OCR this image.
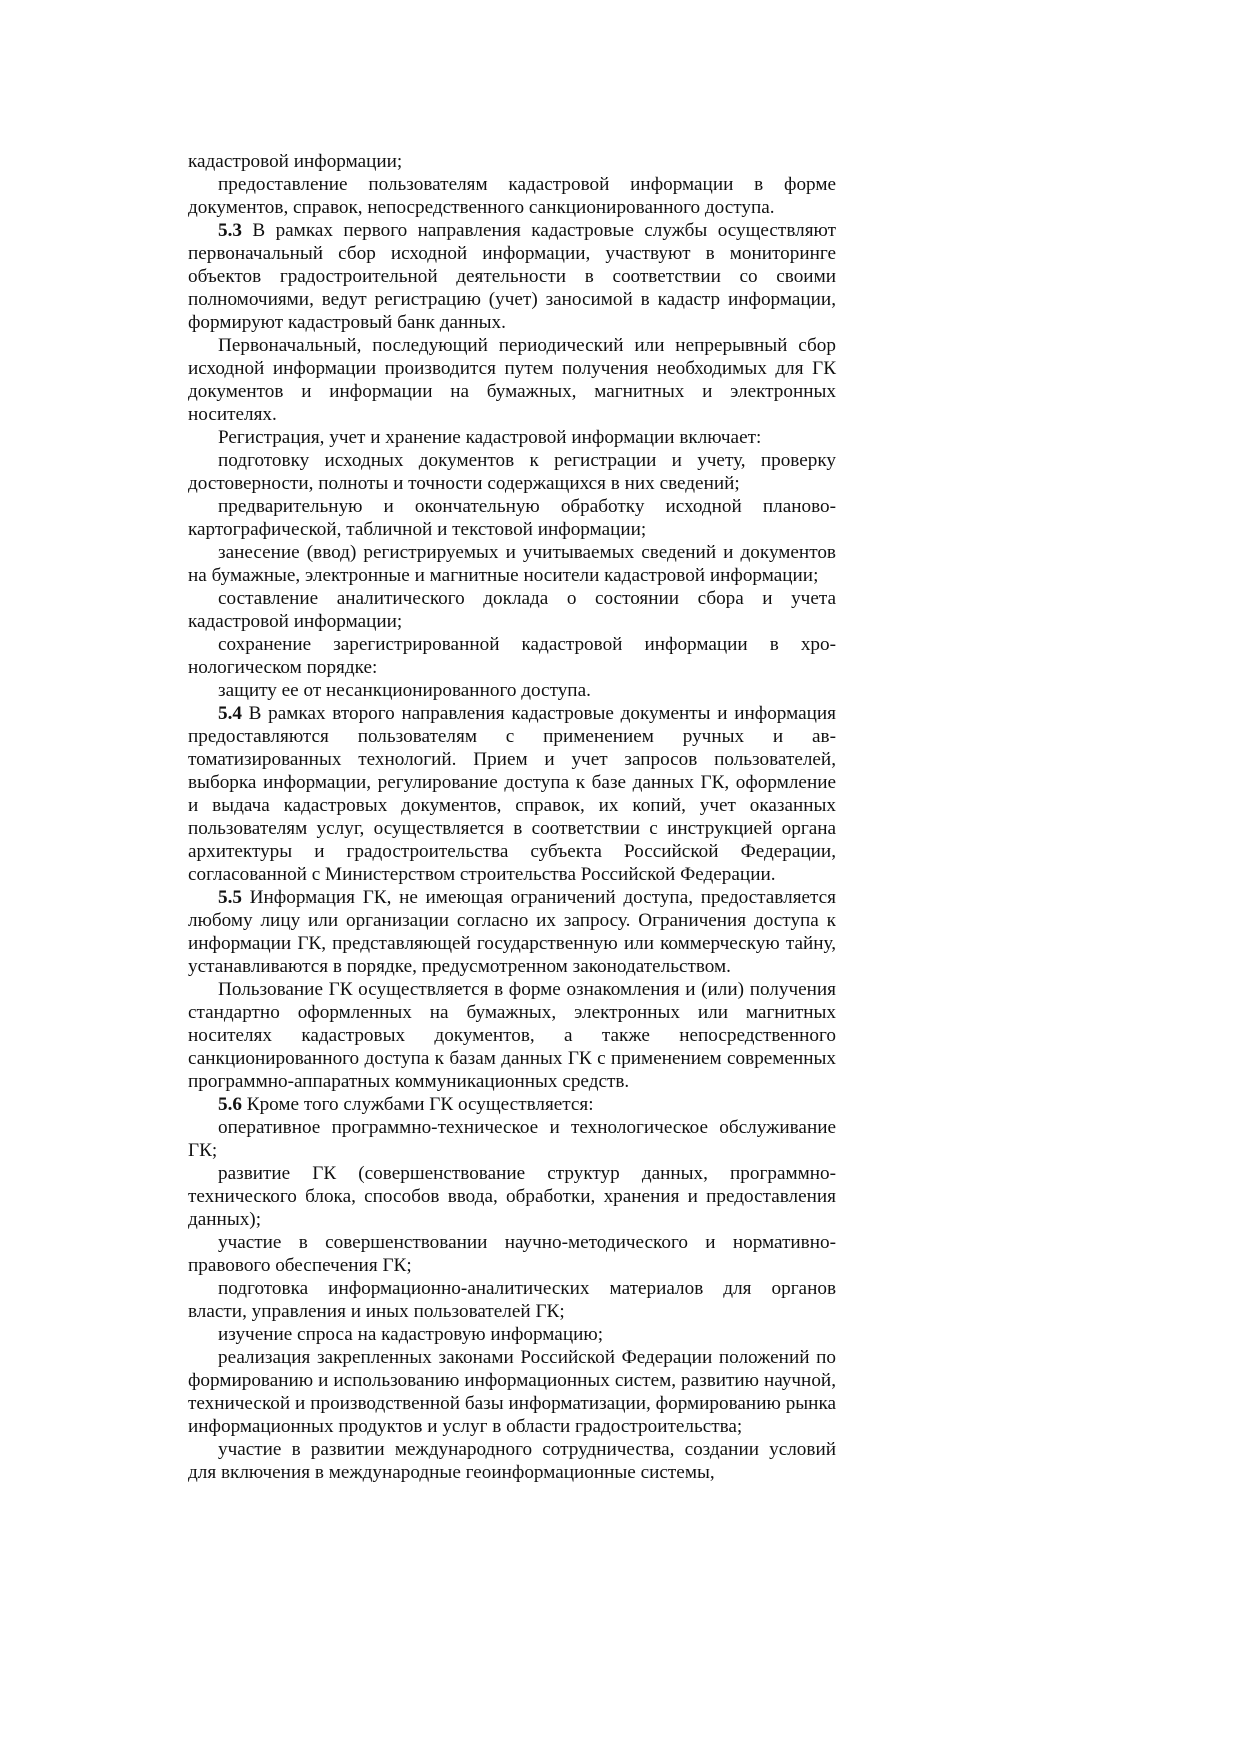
кадастровой информации;

предоставление пользователям кадастровой информации в форме документов, справок, непосредственного санкционированного доступа.

5.3 В рамках первого направления кадастровые службы осуществляют первоначальный сбор исходной информации, участвуют в мониторинге объектов градостроительной деятельности в соответствии со своими полномочиями, ведут регистрацию (учет) заносимой в кадастр информации, формируют кадастровый банк данных.

Первоначальный, последующий периодический или непрерывный сбор исходной информации производится путем получения необходимых для ГК документов и информации на бумажных, магнитных и электронных носителях.

Регистрация, учет и хранение кадастровой информации включает:

подготовку исходных документов к регистрации и учету, проверку достоверности, полноты и точности содержащихся в них сведений;

предварительную и окончательную обработку исходной планово-картографической, табличной и текстовой информации;

занесение (ввод) регистрируемых и учитываемых сведений и документов на бумажные, электронные и магнитные носители кадастровой информации;

составление аналитического доклада о состоянии сбора и учета кадастровой информации;

сохранение зарегистрированной кадастровой информации в хронологическом порядке:

защиту ее от несанкционированного доступа.

5.4 В рамках второго направления кадастровые документы и информация предоставляются пользователям с применением ручных и автоматизированных технологий. Прием и учет запросов пользователей, выборка информации, регулирование доступа к базе данных ГК, оформление и выдача кадастровых документов, справок, их копий, учет оказанных пользователям услуг, осуществляется в соответствии с инструкцией органа архитектуры и градостроительства субъекта Российской Федерации, согласованной с Министерством строительства Российской Федерации.

5.5 Информация ГК, не имеющая ограничений доступа, предоставляется любому лицу или организации согласно их запросу. Ограничения доступа к информации ГК, представляющей государственную или коммерческую тайну, устанавливаются в порядке, предусмотренном законодательством.

Пользование ГК осуществляется в форме ознакомления и (или) получения стандартно оформленных на бумажных, электронных или магнитных носителях кадастровых документов, а также непосредственного санкционированного доступа к базам данных ГК с применением современных программно-аппаратных коммуникационных средств.

5.6 Кроме того службами ГК осуществляется:

оперативное программно-техническое и технологическое обслуживание ГК;

развитие ГК (совершенствование структур данных, программно-технического блока, способов ввода, обработки, хранения и предоставления данных);

участие в совершенствовании научно-методического и нормативно-правового обеспечения ГК;

подготовка информационно-аналитических материалов для органов власти, управления и иных пользователей ГК;

изучение спроса на кадастровую информацию;

реализация закрепленных законами Российской Федерации положений по формированию и использованию информационных систем, развитию научной, технической и производственной базы информатизации, формированию рынка информационных продуктов и услуг в области градостроительства;

участие в развитии международного сотрудничества, создании условий для включения в международные геоинформационные системы,
